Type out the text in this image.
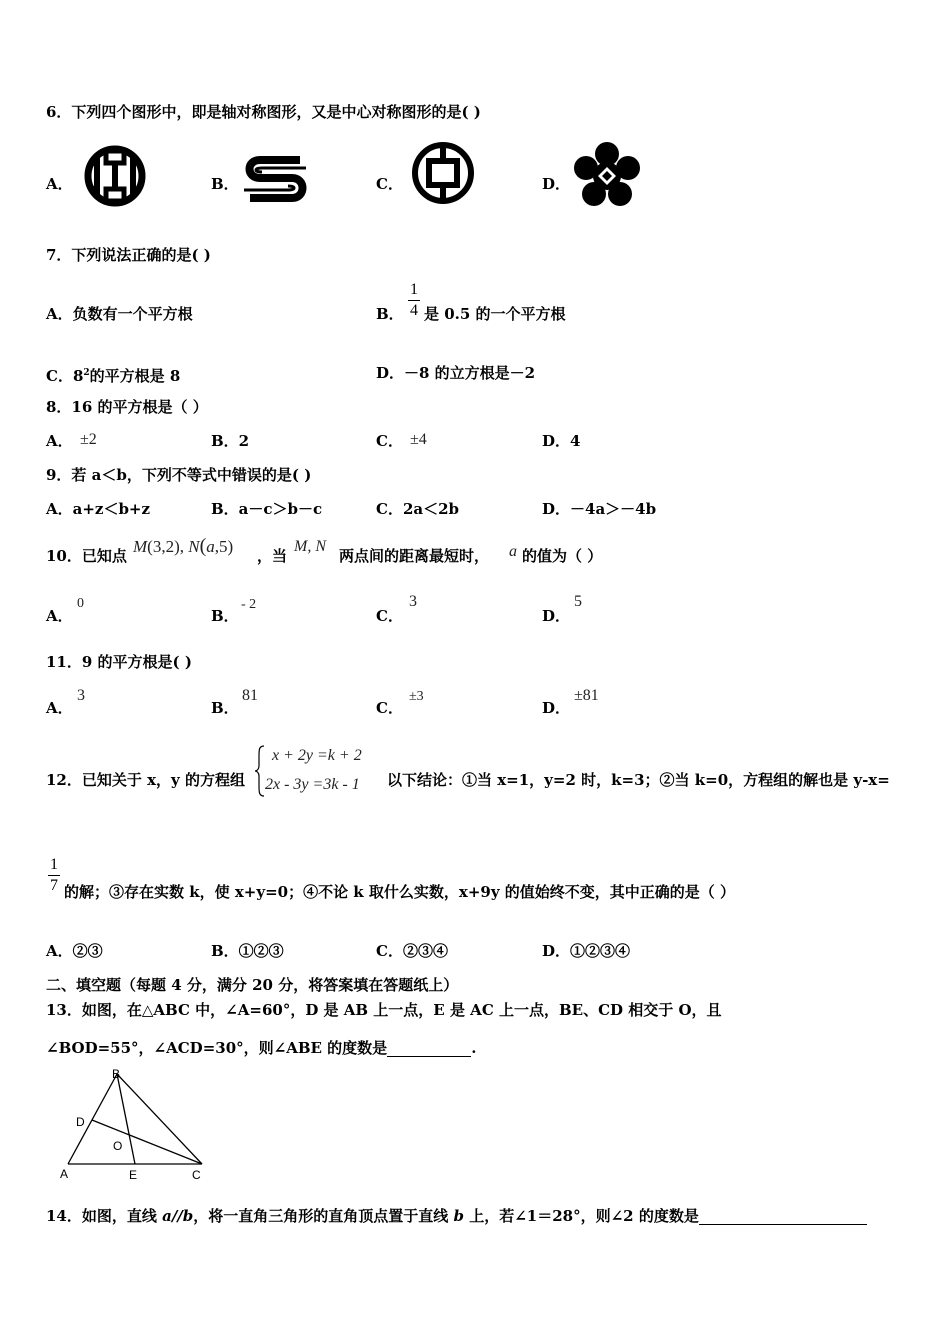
6．下列四个图形中，即是轴对称图形，又是中心对称图形的是( )
A．	B．	C．	D．
7．下列说法正确的是( )
A．负数有一个平方根	B．
1
4 是 0.5 的一个平方根
C．$8^2$的平方根是 8	D．－8 的立方根是－2
8．16 的平方根是（ ）
A． ±2	B．2	C． ±4	D．4
9．若 a＜b，下列不等式中错误的是( )
A．a+z＜b+z	B．a－c＞b－c	C．2a＜2b	D．－4a＞－4b
10．已知点 M(3,2), N(a,5) ，当
M, N
两点间的距离最短时， a 的值为（ ）
A．
0
B．
- 2
C．
3
D．
5
11．9 的平方根是( )
A．
3
B．
81
C．
±3
D．
±81
12．已知关于 x，y 的方程组
x + 2y =k + 2
2x - 3y =3k - 1 以下结论：①当 x=1，y=2 时，k=3；②当 k=0，方程组的解也是 y-x=
1
7 的解；③存在实数 k，使 x+y=0；④不论 k 取什么实数，x+9y 的值始终不变，其中正确的是（ ）
A．②③	B．①②③	C．②③④	D．①②③④
二、填空题（每题 4 分，满分 20 分，将答案填在答题纸上）
13．如图，在△ABC 中，∠A=60°，D 是 AB 上一点，E 是 AC 上一点，BE、CD 相交于 O，且
∠BOD=55°，∠ACD=30°，则∠ABE 的度数是	.
B
D
O
A	E	C
14．如图，直线 a//b，将一直角三角形的直角顶点置于直线 b 上，若∠1＝28°，则∠2 的度数是
